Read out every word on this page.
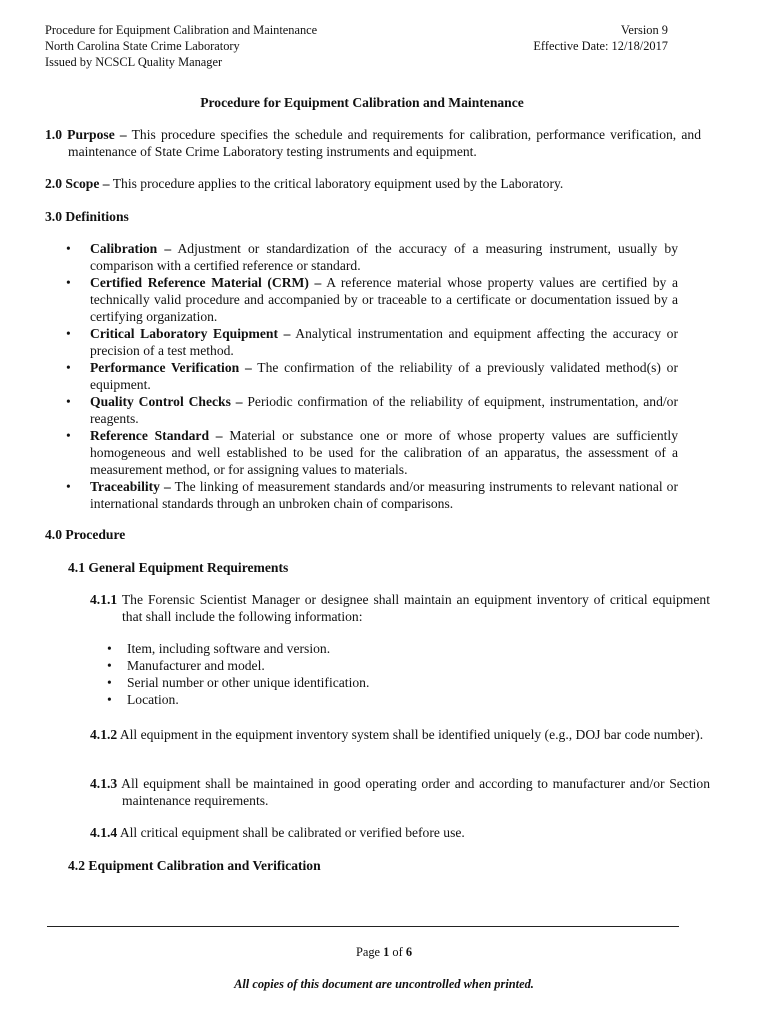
Procedure for Equipment Calibration and Maintenance
North Carolina State Crime Laboratory
Issued by NCSCL Quality Manager
Version 9
Effective Date: 12/18/2017
Procedure for Equipment Calibration and Maintenance
1.0 Purpose – This procedure specifies the schedule and requirements for calibration, performance verification, and maintenance of State Crime Laboratory testing instruments and equipment.
2.0 Scope – This procedure applies to the critical laboratory equipment used by the Laboratory.
3.0 Definitions
• Calibration – Adjustment or standardization of the accuracy of a measuring instrument, usually by comparison with a certified reference or standard.
• Certified Reference Material (CRM) – A reference material whose property values are certified by a technically valid procedure and accompanied by or traceable to a certificate or documentation issued by a certifying organization.
• Critical Laboratory Equipment – Analytical instrumentation and equipment affecting the accuracy or precision of a test method.
• Performance Verification – The confirmation of the reliability of a previously validated method(s) or equipment.
• Quality Control Checks – Periodic confirmation of the reliability of equipment, instrumentation, and/or reagents.
• Reference Standard – Material or substance one or more of whose property values are sufficiently homogeneous and well established to be used for the calibration of an apparatus, the assessment of a measurement method, or for assigning values to materials.
• Traceability – The linking of measurement standards and/or measuring instruments to relevant national or international standards through an unbroken chain of comparisons.
4.0 Procedure
4.1 General Equipment Requirements
4.1.1 The Forensic Scientist Manager or designee shall maintain an equipment inventory of critical equipment that shall include the following information:
• Item, including software and version.
• Manufacturer and model.
• Serial number or other unique identification.
• Location.
4.1.2 All equipment in the equipment inventory system shall be identified uniquely (e.g., DOJ bar code number).
4.1.3 All equipment shall be maintained in good operating order and according to manufacturer and/or Section maintenance requirements.
4.1.4 All critical equipment shall be calibrated or verified before use.
4.2 Equipment Calibration and Verification
Page 1 of 6
All copies of this document are uncontrolled when printed.
